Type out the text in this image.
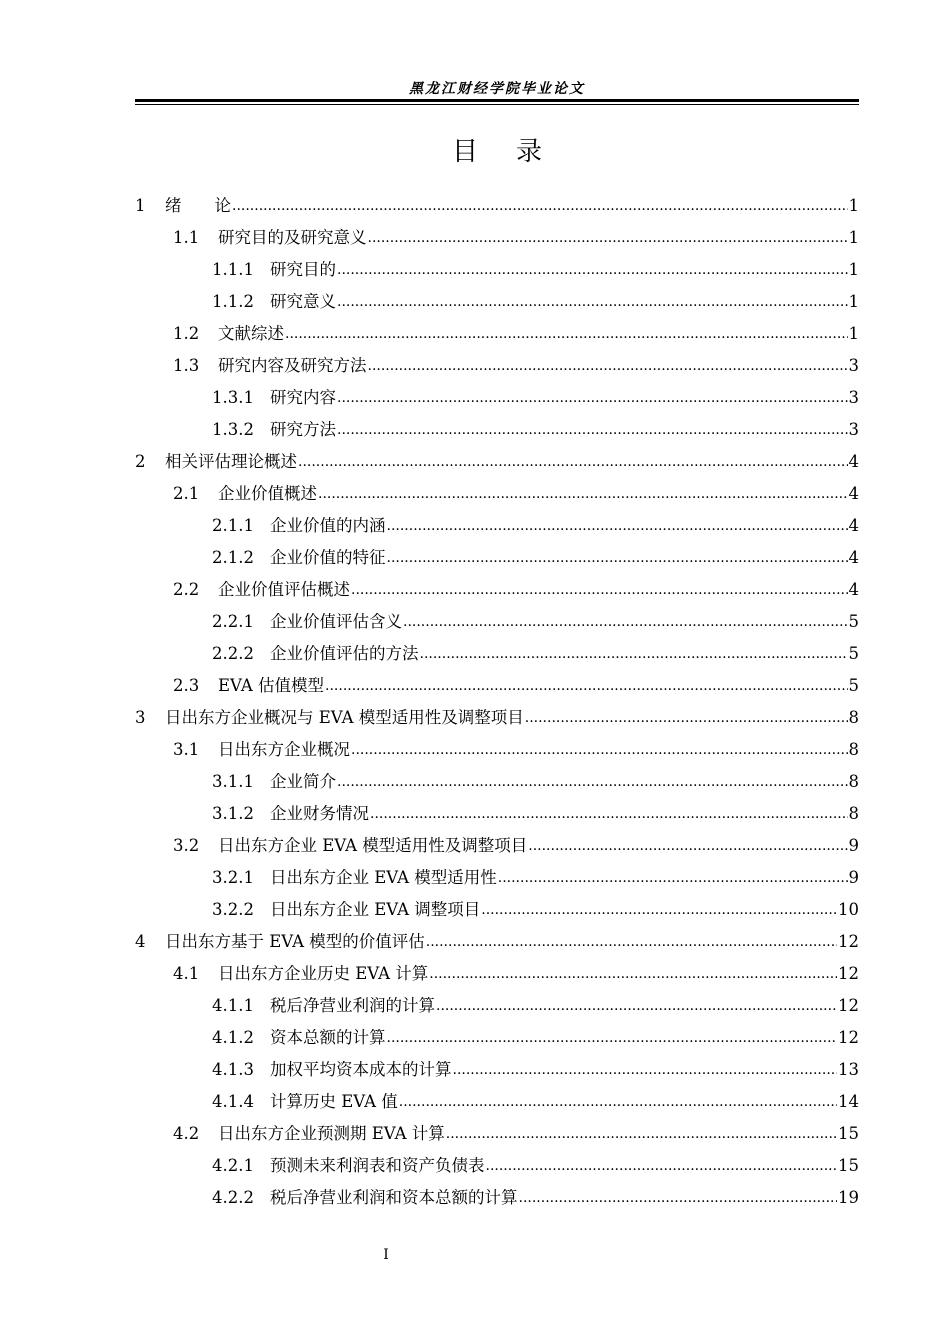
黑龙江财经学院毕业论文
目 录
1	绪　　论 .....	1
1.1	研究目的及研究意义 .....	1
1.1.1 研究目的 .....	1
1.1.2 研究意义 .....	1
1.2	文献综述 .....	1
1.3	研究内容及研究方法 .....	3
1.3.1 研究内容 .....	3
1.3.2 研究方法 .....	3
2	相关评估理论概述 .....	4
2.1	企业价值概述 .....	4
2.1.1 企业价值的内涵 .....	4
2.1.2 企业价值的特征 .....	4
2.2	企业价值评估概述 .....	4
2.2.1 企业价值评估含义 .....	5
2.2.2 企业价值评估的方法 .....	5
2.3	EVA 估值模型 .....	5
3	日出东方企业概况与 EVA 模型适用性及调整项目 .....	8
3.1	日出东方企业概况 .....	8
3.1.1 企业简介 .....	8
3.1.2 企业财务情况 .....	8
3.2	日出东方企业 EVA 模型适用性及调整项目 .....	9
3.2.1 日出东方企业 EVA 模型适用性 .....	9
3.2.2 日出东方企业 EVA 调整项目 .....	10
4	日出东方基于 EVA 模型的价值评估 .....	12
4.1	日出东方企业历史 EVA 计算 .....	12
4.1.1 税后净营业利润的计算 .....	12
4.1.2 资本总额的计算 .....	12
4.1.3 加权平均资本成本的计算 .....	13
4.1.4 计算历史 EVA 值 .....	14
4.2	日出东方企业预测期 EVA 计算 .....	15
4.2.1 预测未来利润表和资产负债表 .....	15
4.2.2 税后净营业利润和资本总额的计算 .....	19
I
